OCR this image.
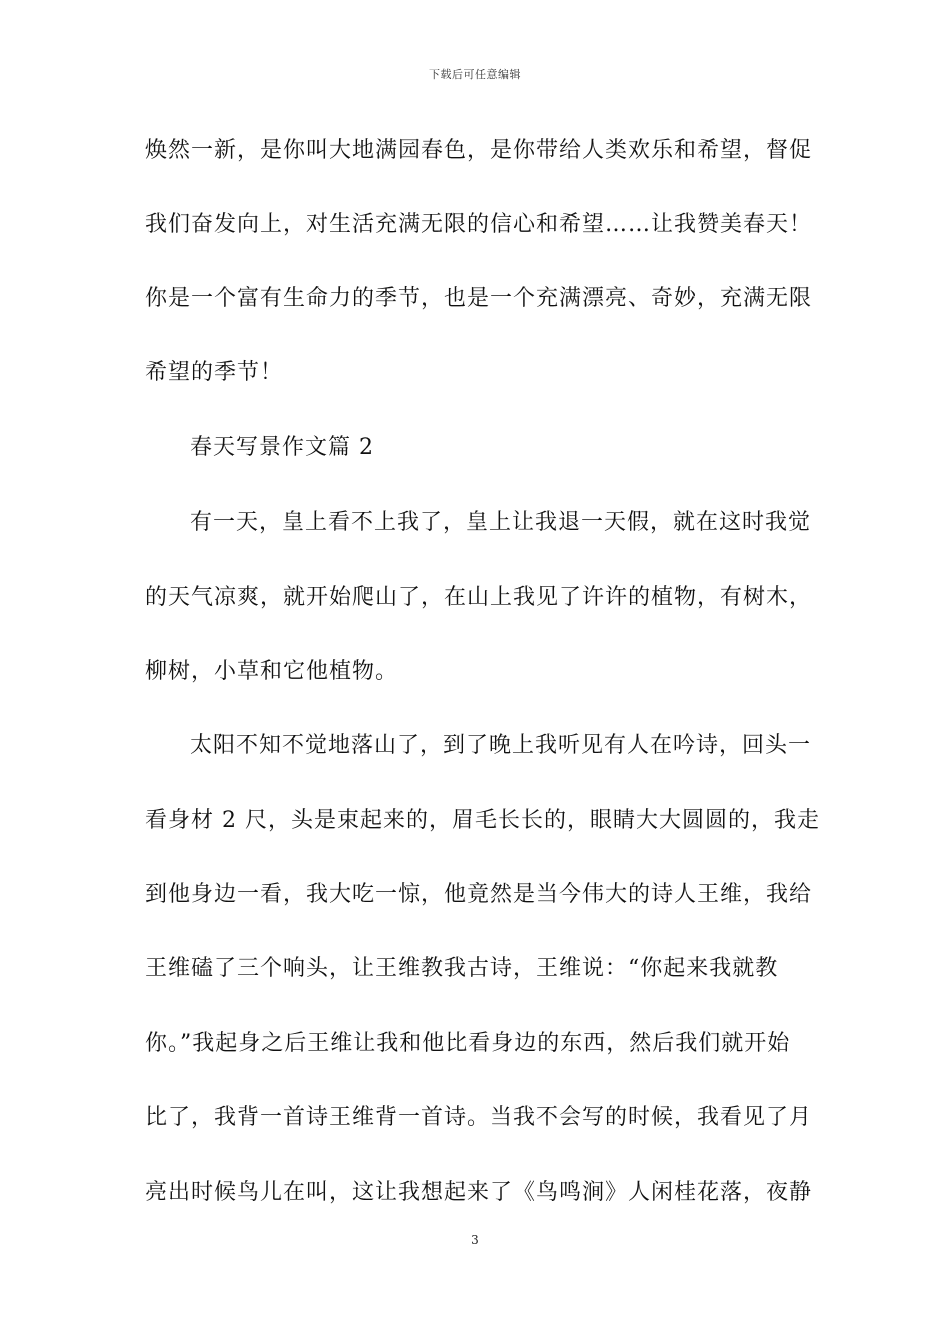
下载后可任意编辑
焕然一新，是你叫大地满园春色，是你带给人类欢乐和希望，督促
我们奋发向上，对生活充满无限的信心和希望……让我赞美春天！
你是一个富有生命力的季节，也是一个充满漂亮、奇妙，充满无限
希望的季节！
春天写景作文篇 2
有一天，皇上看不上我了，皇上让我退一天假，就在这时我觉
的天气凉爽，就开始爬山了，在山上我见了许许的植物，有树木，
柳树，小草和它他植物。
太阳不知不觉地落山了，到了晚上我听见有人在吟诗，回头一
看身材 2 尺，头是束起来的，眉毛长长的，眼睛大大圆圆的，我走
到他身边一看，我大吃一惊，他竟然是当今伟大的诗人王维，我给
王维磕了三个响头，让王维教我古诗，王维说：“你起来我就教
你。”我起身之后王维让我和他比看身边的东西，然后我们就开始
比了，我背一首诗王维背一首诗。当我不会写的时候，我看见了月
亮出时候鸟儿在叫，这让我想起来了《鸟鸣涧》人闲桂花落，夜静
3
